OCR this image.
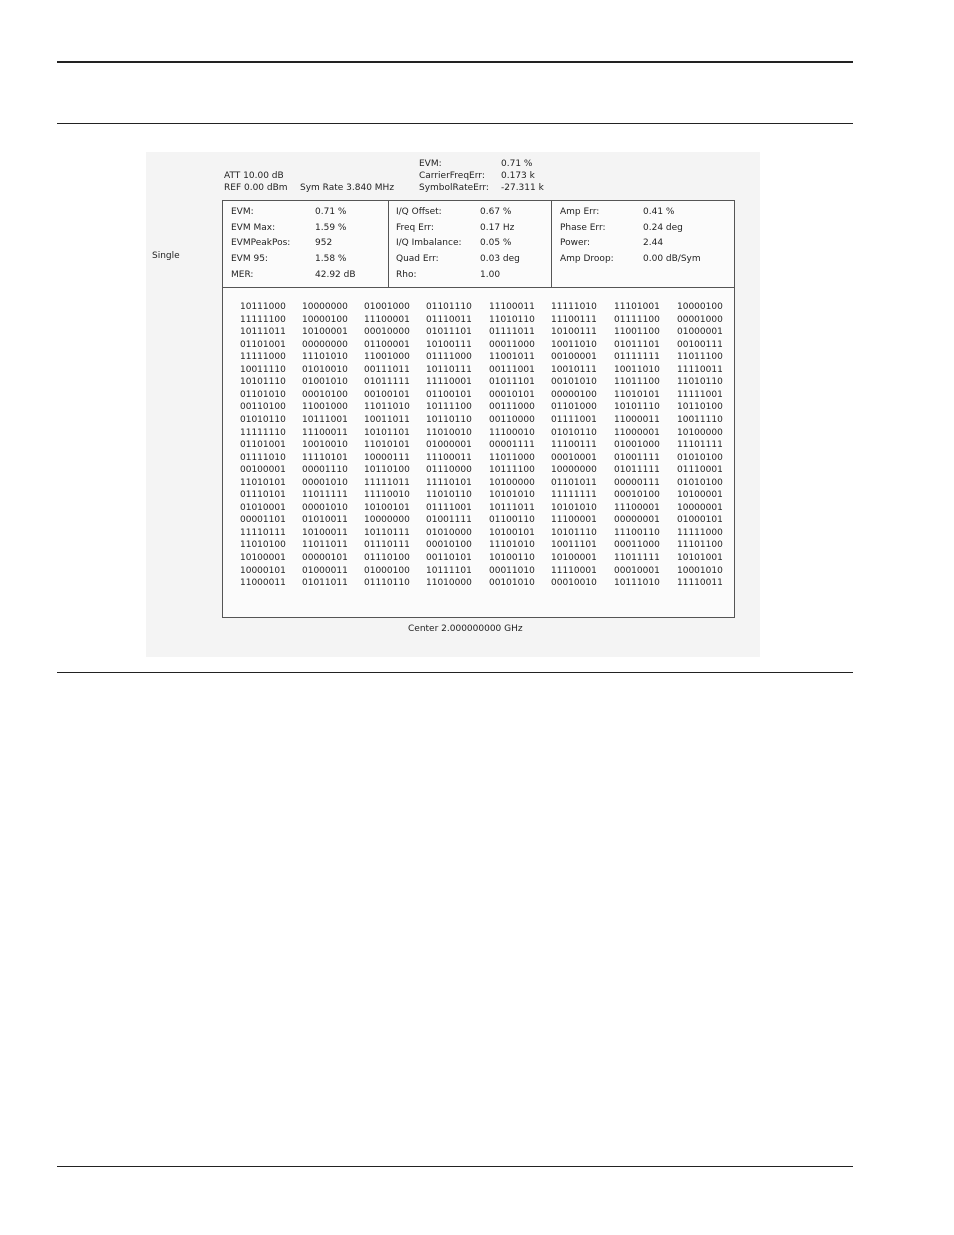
ATT 10.00 dB
REF 0.00 dBm Sym Rate 3.840 MHz
EVM:	0.71 %
CarrierFreqErr: 0.173 k
SymbolRateErr: -27.311 k
Single
EVM:	0.71 %
EVM Max:	1.59 %
EVMPeakPos:	952
EVM 95:	1.58 %
MER:	42.92 dB
I/Q Offset:	0.67 %
Freq Err:	0.17 Hz
I/Q Imbalance: 0.05 %
Quad Err:	0.03 deg
Rho:	1.00
Amp Err:	0.41 %
Phase Err:	0.24 deg
Power:	2.44
Amp Droop:	0.00 dB/Sym
10111000 10000000 01001000 01101110 11100011 11111010 11101001 10000100
11111100 10000100 11100001 01110011 11010110 11100111 01111100 00001000
10111011 10100001 00010000 01011101 01111011 10100111 11001100 01000001
01101001 00000000 01100001 10100111 00011000 10011010 01011101 00100111
11111000 11101010 11001000 01111000 11001011 00100001 01111111 11011100
10011110 01010010 00111011 10110111 00111001 10010111 10011010 11110011
10101110 01001010 01011111 11110001 01011101 00101010 11011100 11010110
01101010 00010100 00100101 01100101 00010101 00000100 11010101 11111001
00110100 11001000 11011010 10111100 00111000 01101000 10101110 10110100
01010110 10111001 10011011 10110110 00110000 01111001 11000011 10011110
11111110 11100011 10101101 11010010 11100010 01010110 11000001 10100000
01101001 10010010 11010101 01000001 00001111 11100111 01001000 11101111
01111010 11110101 10000111 11100011 11011000 00010001 01001111 01010100
00100001 00001110 10110100 01110000 10111100 10000000 01011111 01110001
11010101 00001010 11111011 11110101 10100000 01101011 00000111 01010100
01110101 11011111 11110010 11010110 10101010 11111111 00010100 10100001
01010001 00001010 10100101 01111001 10111011 10101010 11100001 10000001
00001101 01010011 10000000 01001111 01100110 11100001 00000001 01000101
11110111 10100011 10110111 01010000 10100101 10101110 11100110 11111000
11010100 11011011 01110111 00010100 11101010 10011101 00011000 11101100
10100001 00000101 01110100 00110101 10100110 10100001 11011111 10101001
10000101 01000011 01000100 10111101 00011010 11110001 00010001 10001010
11000011 01011011 01110110 11010000 00101010 00010010 10111010 11110011
Center 2.000000000 GHz
